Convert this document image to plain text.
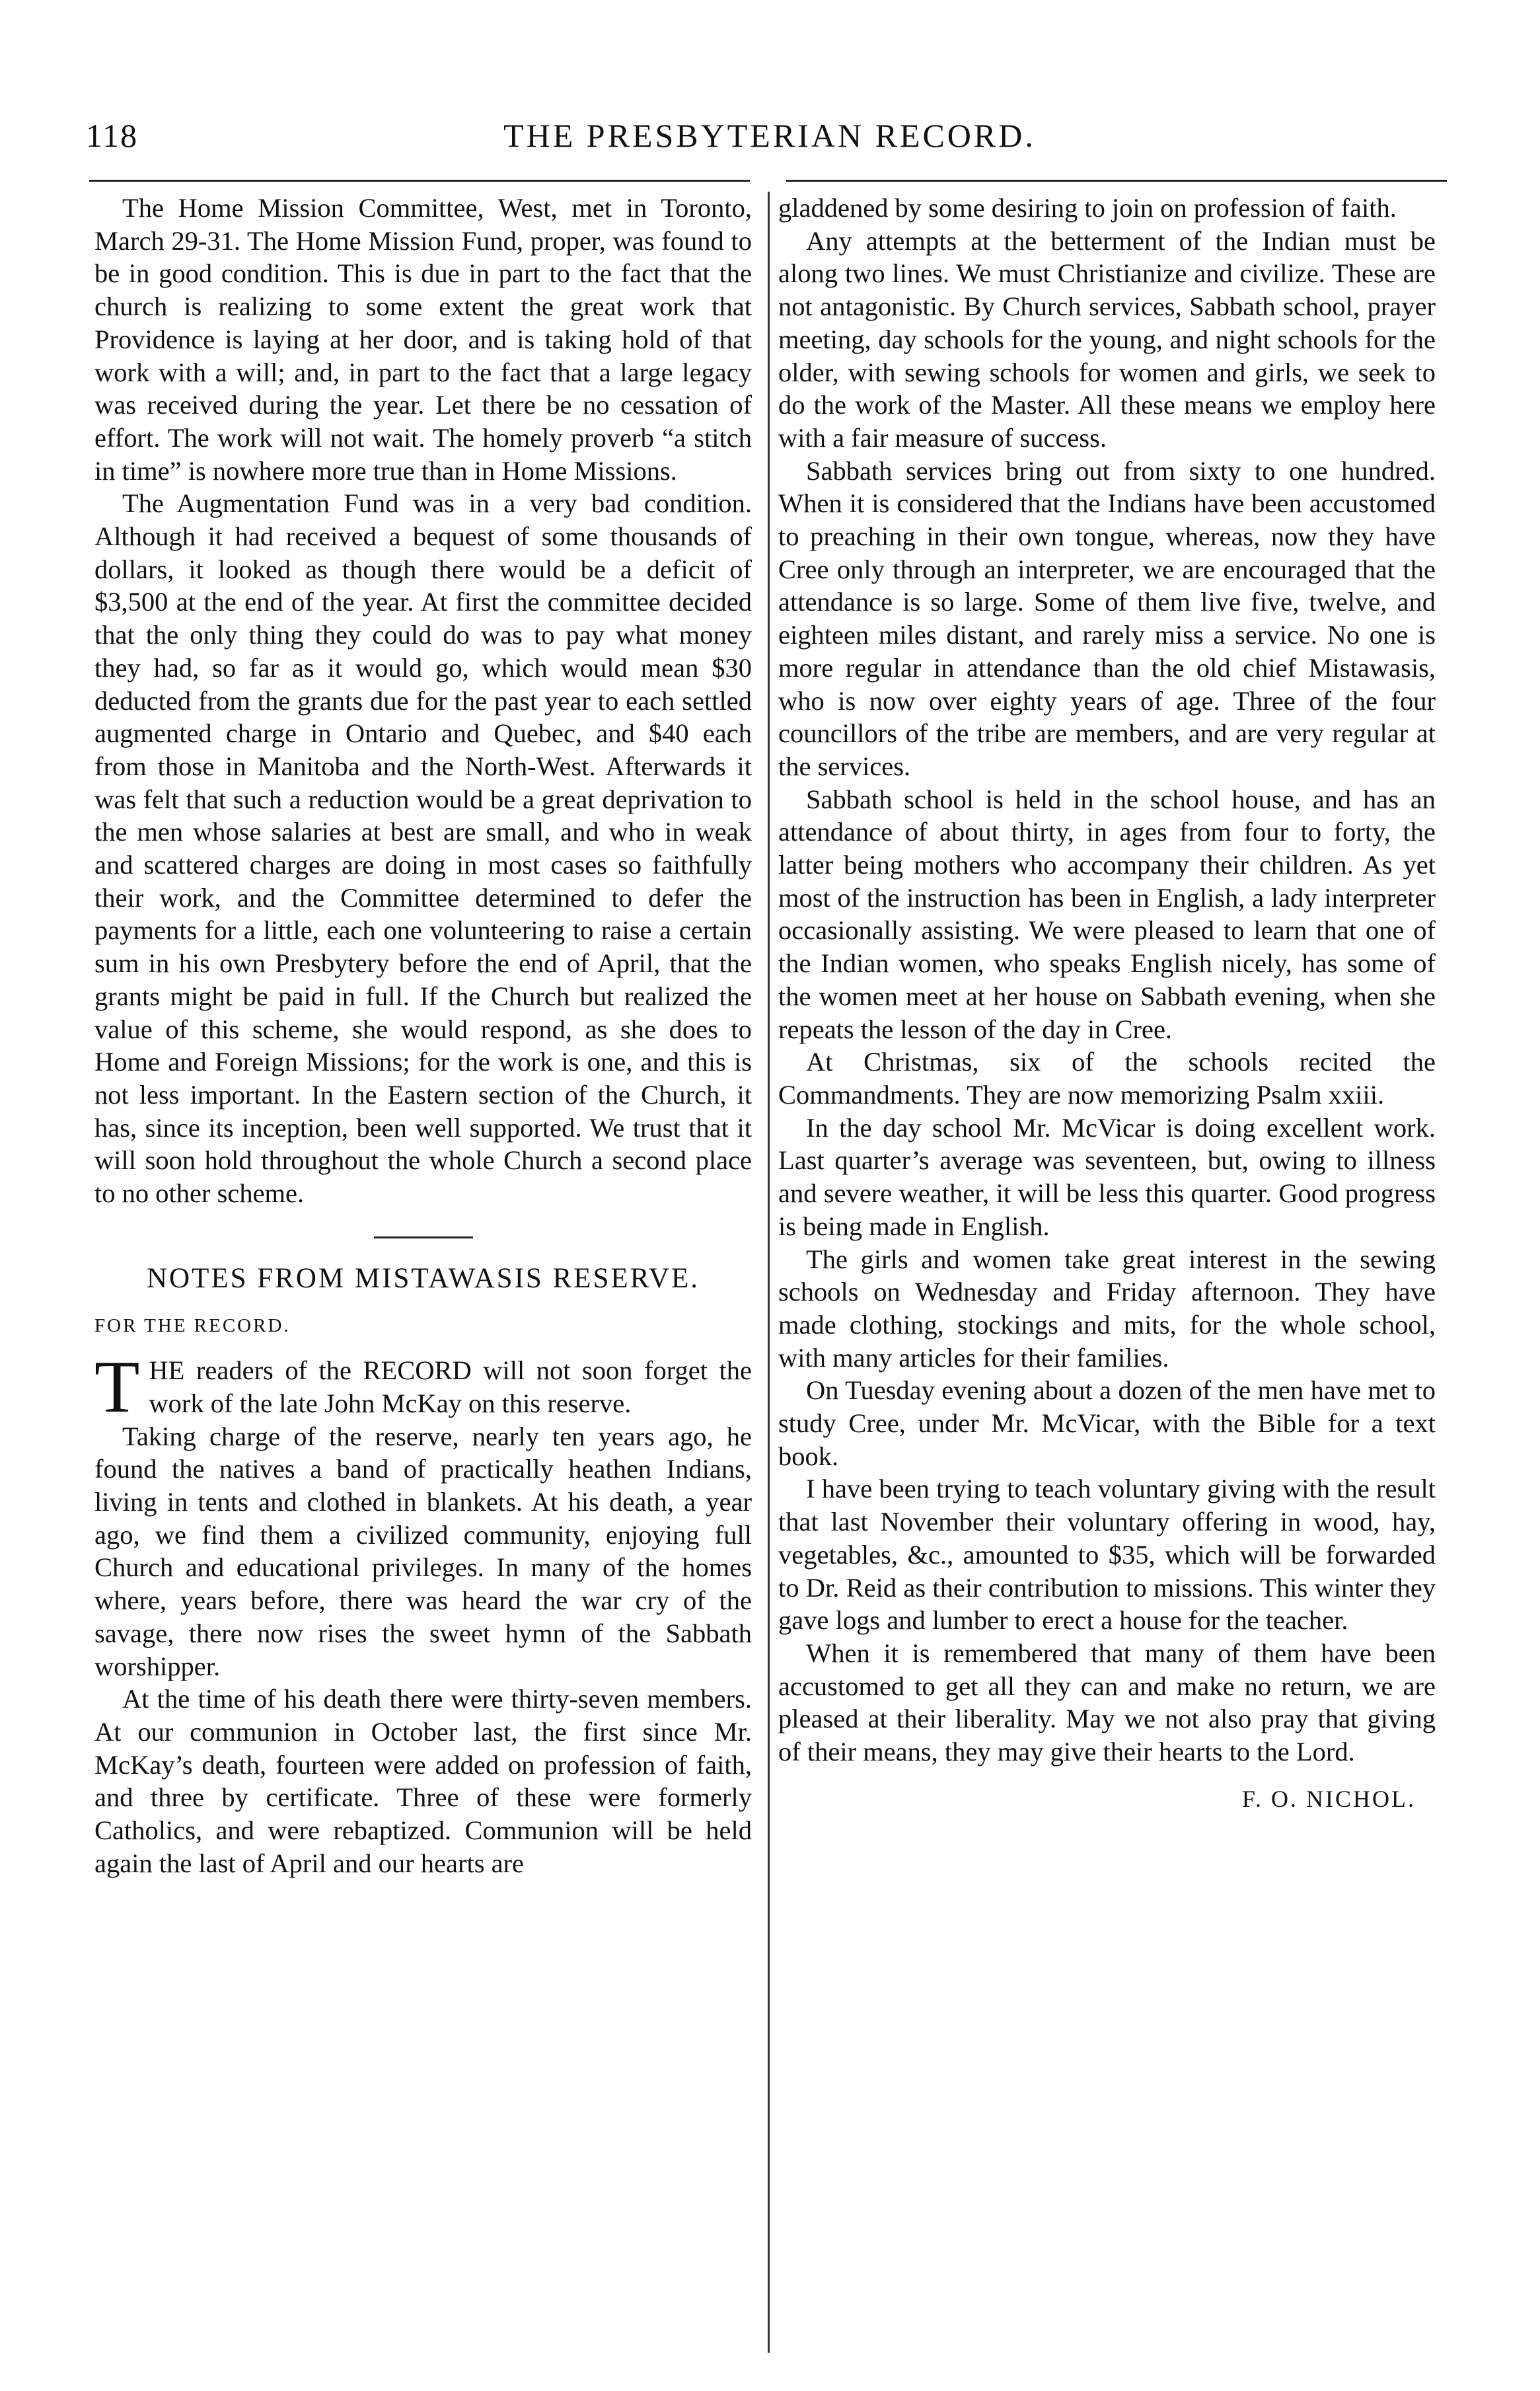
118	THE PRESBYTERIAN RECORD.

The Home Mission Committee, West, met in Toronto, March 29-31. The Home Mission Fund, proper, was found to be in good condition. This is due in part to the fact that the church is realizing to some extent the great work that Providence is laying at her door, and is taking hold of that work with a will; and, in part to the fact that a large legacy was received during the year. Let there be no cessation of effort. The work will not wait. The homely proverb “a stitch in time” is nowhere more true than in Home Missions.

The Augmentation Fund was in a very bad condition. Although it had received a bequest of some thousands of dollars, it looked as though there would be a deficit of $3,500 at the end of the year. At first the committee decided that the only thing they could do was to pay what money they had, so far as it would go, which would mean $30 deducted from the grants due for the past year to each settled augmented charge in Ontario and Quebec, and $40 each from those in Manitoba and the North-West. Afterwards it was felt that such a reduction would be a great deprivation to the men whose salaries at best are small, and who in weak and scattered charges are doing in most cases so faithfully their work, and the Committee determined to defer the payments for a little, each one volunteering to raise a certain sum in his own Presbytery before the end of April, that the grants might be paid in full. If the Church but realized the value of this scheme, she would respond, as she does to Home and Foreign Missions; for the work is one, and this is not less important. In the Eastern section of the Church, it has, since its inception, been well supported. We trust that it will soon hold throughout the whole Church a second place to no other scheme.

NOTES FROM MISTAWASIS RESERVE.
FOR THE RECORD.

THE readers of the RECORD will not soon forget the work of the late John McKay on this reserve.

Taking charge of the reserve, nearly ten years ago, he found the natives a band of practically heathen Indians, living in tents and clothed in blankets. At his death, a year ago, we find them a civilized community, enjoying full Church and educational privileges. In many of the homes where, years before, there was heard the war cry of the savage, there now rises the sweet hymn of the Sabbath worshipper.

At the time of his death there were thirty-seven members. At our communion in October last, the first since Mr. McKay’s death, fourteen were added on profession of faith, and three by certificate. Three of these were formerly Catholics, and were rebaptized. Communion will be held again the last of April and our hearts are

gladdened by some desiring to join on profession of faith.

Any attempts at the betterment of the Indian must be along two lines. We must Christianize and civilize. These are not antagonistic. By Church services, Sabbath school, prayer meeting, day schools for the young, and night schools for the older, with sewing schools for women and girls, we seek to do the work of the Master. All these means we employ here with a fair measure of success.

Sabbath services bring out from sixty to one hundred. When it is considered that the Indians have been accustomed to preaching in their own tongue, whereas, now they have Cree only through an interpreter, we are encouraged that the attendance is so large. Some of them live five, twelve, and eighteen miles distant, and rarely miss a service. No one is more regular in attendance than the old chief Mistawasis, who is now over eighty years of age. Three of the four councillors of the tribe are members, and are very regular at the services.

Sabbath school is held in the school house, and has an attendance of about thirty, in ages from four to forty, the latter being mothers who accompany their children. As yet most of the instruction has been in English, a lady interpreter occasionally assisting. We were pleased to learn that one of the Indian women, who speaks English nicely, has some of the women meet at her house on Sabbath evening, when she repeats the lesson of the day in Cree.

At Christmas, six of the schools recited the Commandments. They are now memorizing Psalm xxiii.

In the day school Mr. McVicar is doing excellent work. Last quarter’s average was seventeen, but, owing to illness and severe weather, it will be less this quarter. Good progress is being made in English.

The girls and women take great interest in the sewing schools on Wednesday and Friday afternoon. They have made clothing, stockings and mits, for the whole school, with many articles for their families.

On Tuesday evening about a dozen of the men have met to study Cree, under Mr. McVicar, with the Bible for a text book.

I have been trying to teach voluntary giving with the result that last November their voluntary offering in wood, hay, vegetables, &c., amounted to $35, which will be forwarded to Dr. Reid as their contribution to missions. This winter they gave logs and lumber to erect a house for the teacher.

When it is remembered that many of them have been accustomed to get all they can and make no return, we are pleased at their liberality. May we not also pray that giving of their means, they may give their hearts to the Lord.

F. O. NICHOL.
